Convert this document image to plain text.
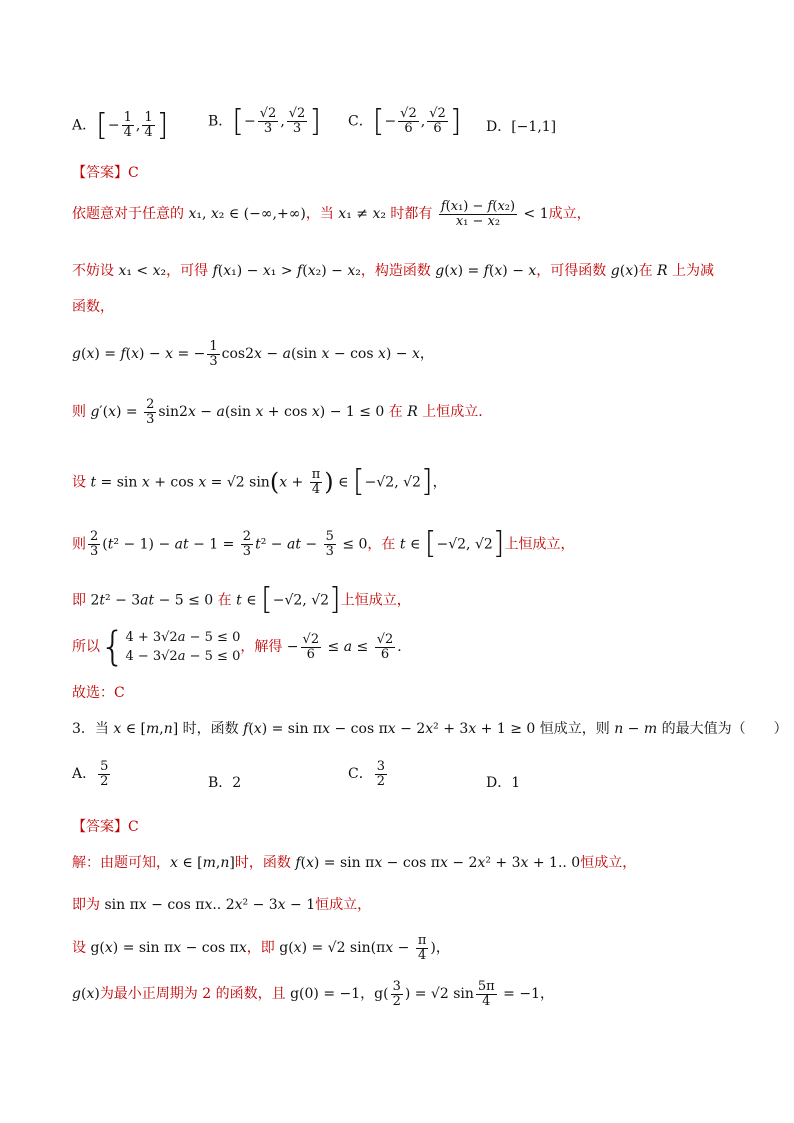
A．[− $\frac{1}{4}$ , $\frac{1}{4}$ ]	B．[− $\frac{√2}{3}$ , $\frac{√2}{3}$ ] C．[− $\frac{√2}{6}$ , $\frac{√2}{6}$ ] D．[−1,1]
【答案】C
依题意对于任意的 x₁, x₂ ∈ (−∞,+∞)，当 x₁ ≠ x₂ 时都有 $\frac{\text{f(x₁) − f(x₂)}}{\text{x₁ − x₂}} < 1$成立，
不妨设 x₁ < x₂，可得 f(x₁) − x₁ > f(x₂) − x₂，构造函数 g(x) = f(x) − x，可得函数 g(x)在 R 上为减
函数，
g(x) = f(x) − x = − $\frac{1}{3} \cos 2x - a(\sin$ x − cos x) − x，
则 $g'(x) = \frac{2}{3} \sin 2x - a(\sin$ x + cos x) − 1 ≤ 0 在 R 上恒成立.
设 t = sin x + cos x = √2 $\sin(x + \frac{\pi}{4}$ ) ∈ [−√2, √2]，
则 $\frac{2}{3} (t^2 - 1)$ − at − $1 = \frac{2}{3} t^2$ − at − $\frac{5}{3} \le 0$，在 t ∈ [−√2, √2]上恒成立，
即 2t² − 3at − 5 ≤ 0 在 t ∈ [−√2, √2]上恒成立，
所以{ 4 + 3√2a − 5 ≤ 0
4 − 3√2a − 5 ≤ 0
，解得 − $\frac{√2}{6} \le a \le \frac{√2}{6}$ .
故选：C
3．当 x ∈ [m,n] 时，函数 f(x) = sin πx − cos πx − 2x² + 3x + 1 ≥ 0 恒成立，则 n − m 的最大值为（　　）
A． $\frac{5}{2}$	B．2
C． $\frac{3}{2}$	D．1
【答案】C
解：由题可知，x ∈ [m,n]时，函数 f(x) = sin πx − cos πx − 2x² + 3x + 1.. 0恒成立，
即为 sin πx − cos πx.. 2x² − 3x − 1恒成立，
设 g(x) = sin πx − cos πx，即 g(x) = √2 $\sin(\pi x - \frac{\pi}{4}$ )，
g(x)为最小正周期为 2 的函数，且 g(0) = −1，$g( \frac{3}{2}$ ) = √2 $\sin \frac{5\pi}{4} = -1$，
